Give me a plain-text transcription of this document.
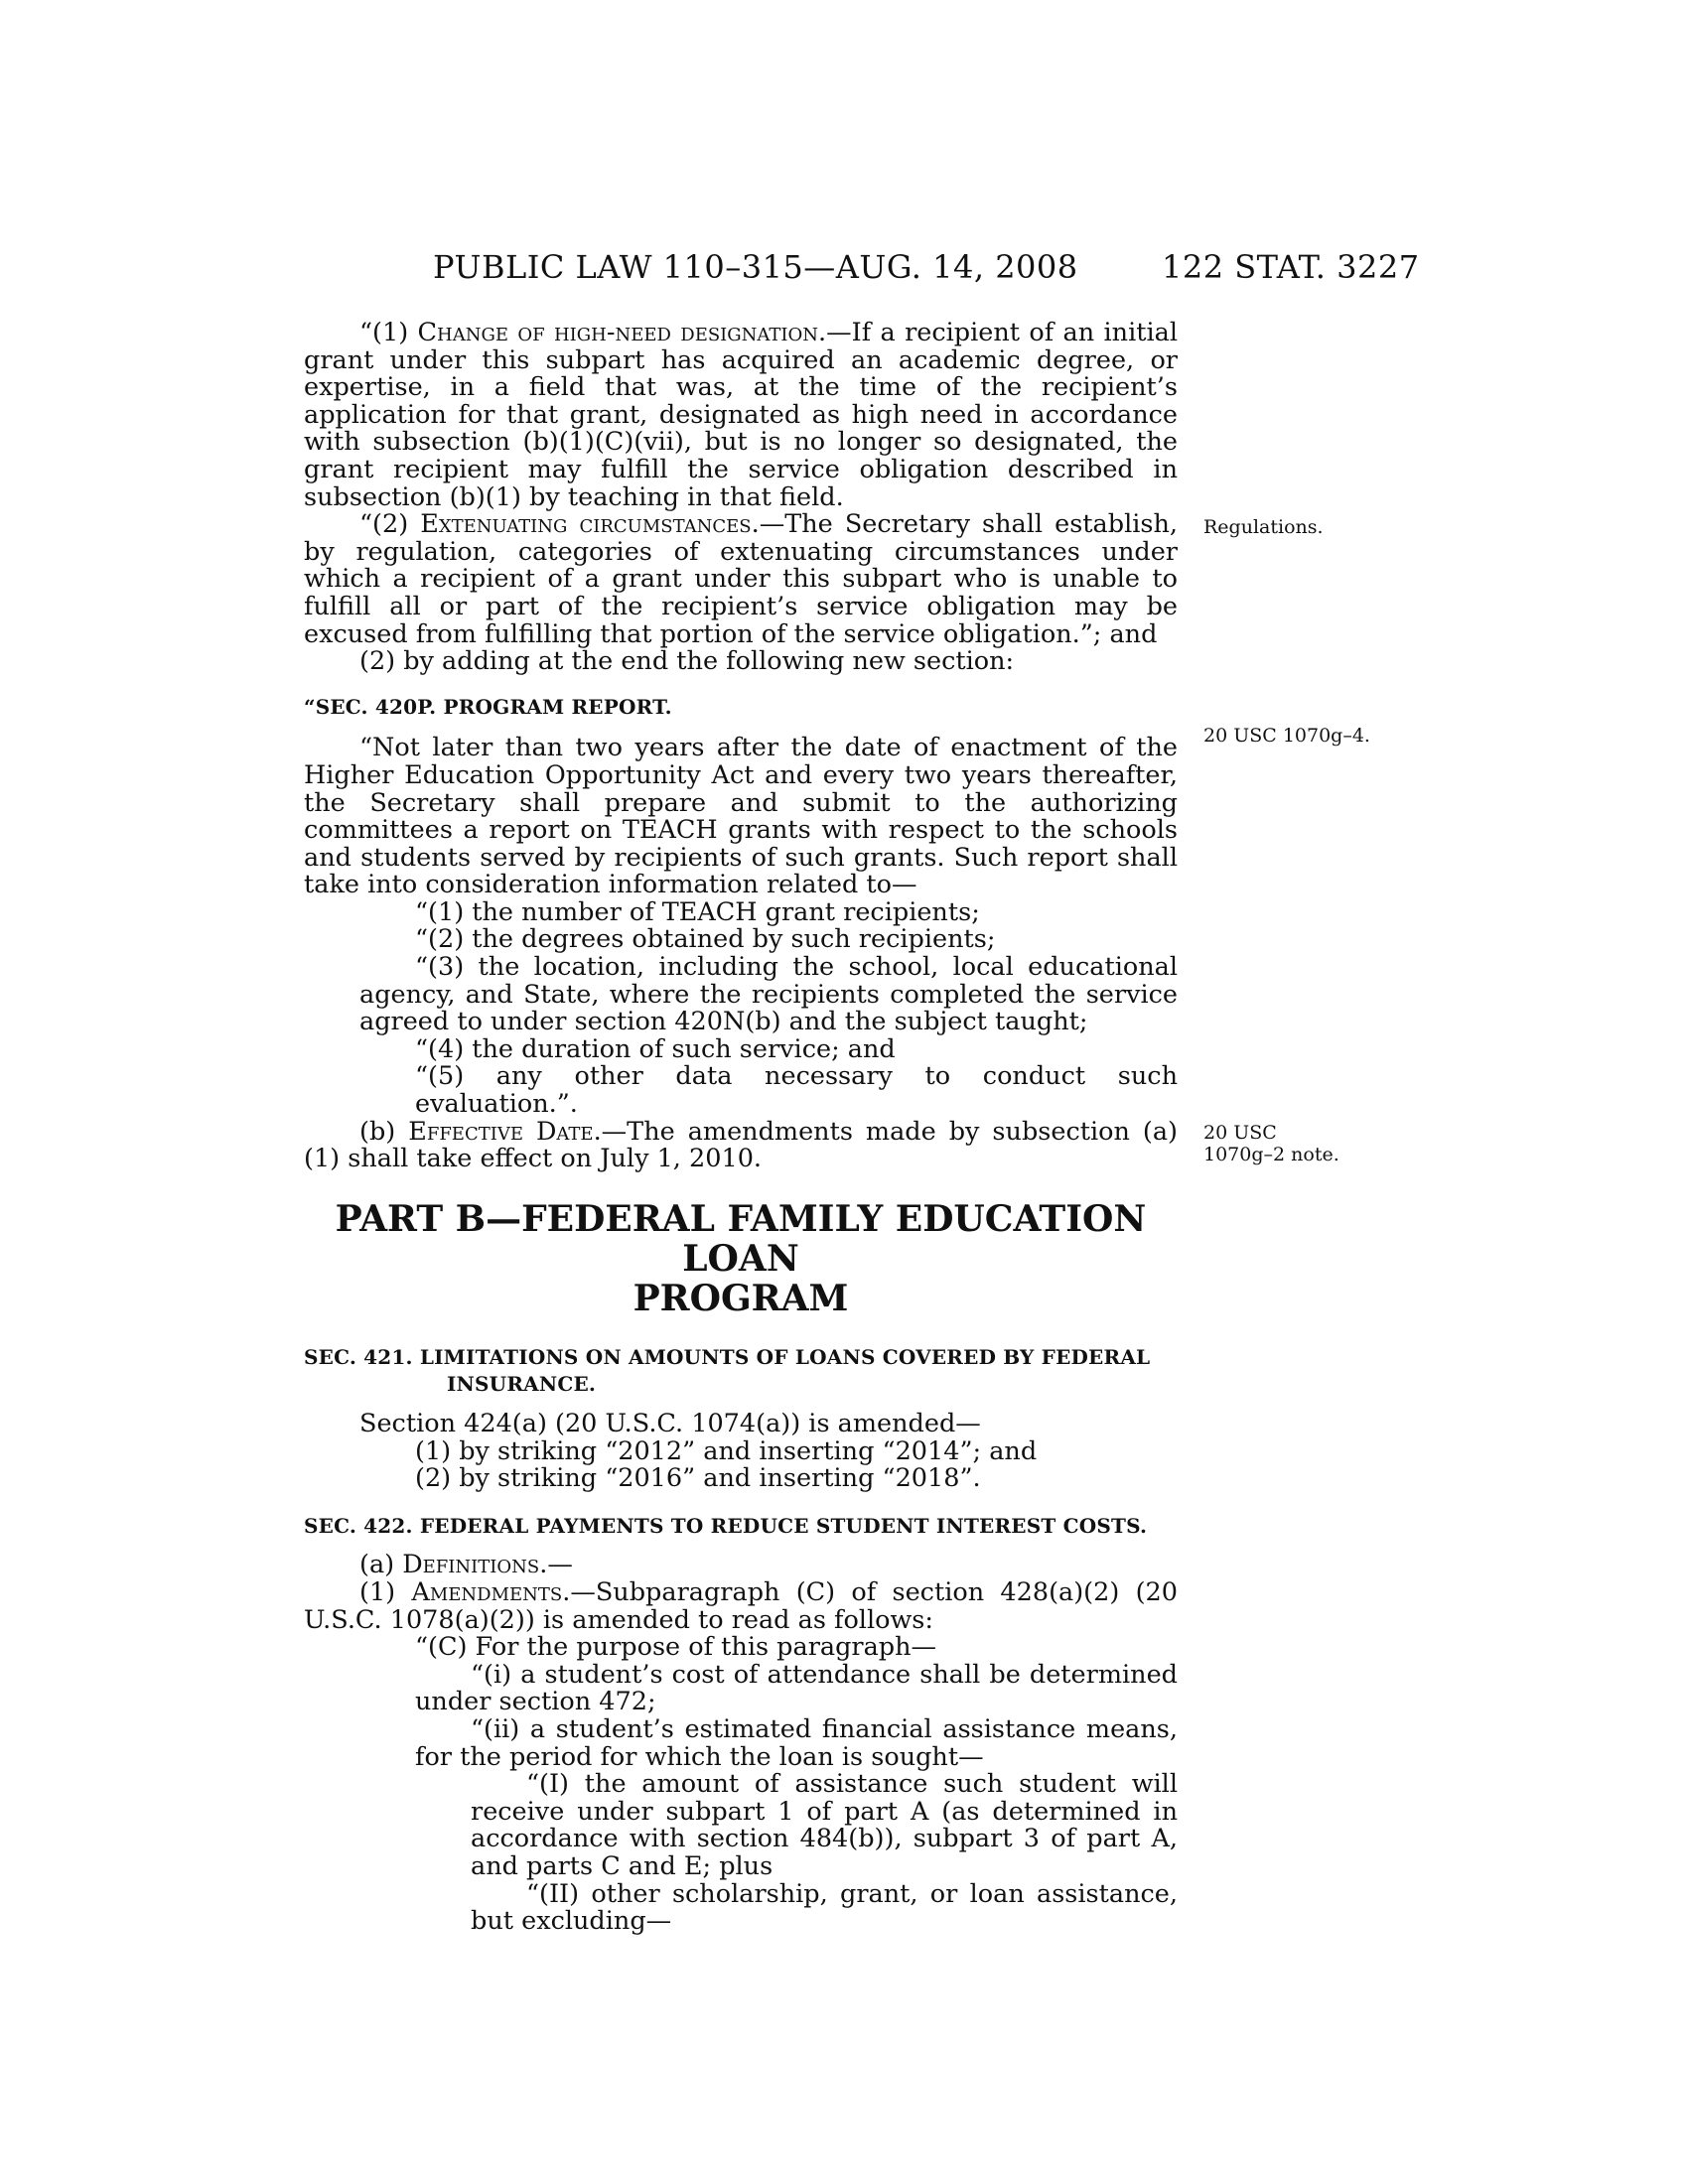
PUBLIC LAW 110–315—AUG. 14, 2008	122 STAT. 3227
Regulations.
20 USC 1070g–4.
20 USC
1070g–2 note.

“(1) Change of high-need designation.—If a recipient of an initial grant under this subpart has acquired an academic degree, or expertise, in a field that was, at the time of the recipient’s application for that grant, designated as high need in accordance with subsection (b)(1)(C)(vii), but is no longer so designated, the grant recipient may fulfill the service obligation described in subsection (b)(1) by teaching in that field.

“(2) Extenuating circumstances.—The Secretary shall establish, by regulation, categories of extenuating circumstances under which a recipient of a grant under this subpart who is unable to fulfill all or part of the recipient’s service obligation may be excused from fulfilling that portion of the service obligation.”; and

(2) by adding at the end the following new section:

“SEC. 420P. PROGRAM REPORT.

“Not later than two years after the date of enactment of the Higher Education Opportunity Act and every two years thereafter, the Secretary shall prepare and submit to the authorizing committees a report on TEACH grants with respect to the schools and students served by recipients of such grants. Such report shall take into consideration information related to—

“(1) the number of TEACH grant recipients;

“(2) the degrees obtained by such recipients;

“(3) the location, including the school, local educational agency, and State, where the recipients completed the service agreed to under section 420N(b) and the subject taught;

“(4) the duration of such service; and

“(5) any other data necessary to conduct such evaluation.”.

(b) Effective Date.—The amendments made by subsection (a)(1) shall take effect on July 1, 2010.

PART B—FEDERAL FAMILY EDUCATION LOAN
PROGRAM
SEC. 421. LIMITATIONS ON AMOUNTS OF LOANS COVERED BY FEDERAL
INSURANCE.

Section 424(a) (20 U.S.C. 1074(a)) is amended—

(1) by striking “2012” and inserting “2014”; and

(2) by striking “2016” and inserting “2018”.

SEC. 422. FEDERAL PAYMENTS TO REDUCE STUDENT INTEREST COSTS.

(a) Definitions.—

(1) Amendments.—Subparagraph (C) of section 428(a)(2) (20 U.S.C. 1078(a)(2)) is amended to read as follows:

“(C) For the purpose of this paragraph—

“(i) a student’s cost of attendance shall be determined under section 472;

“(ii) a student’s estimated financial assistance means, for the period for which the loan is sought—

“(I) the amount of assistance such student will receive under subpart 1 of part A (as determined in accordance with section 484(b)), subpart 3 of part A, and parts C and E; plus

“(II) other scholarship, grant, or loan assistance, but excluding—
